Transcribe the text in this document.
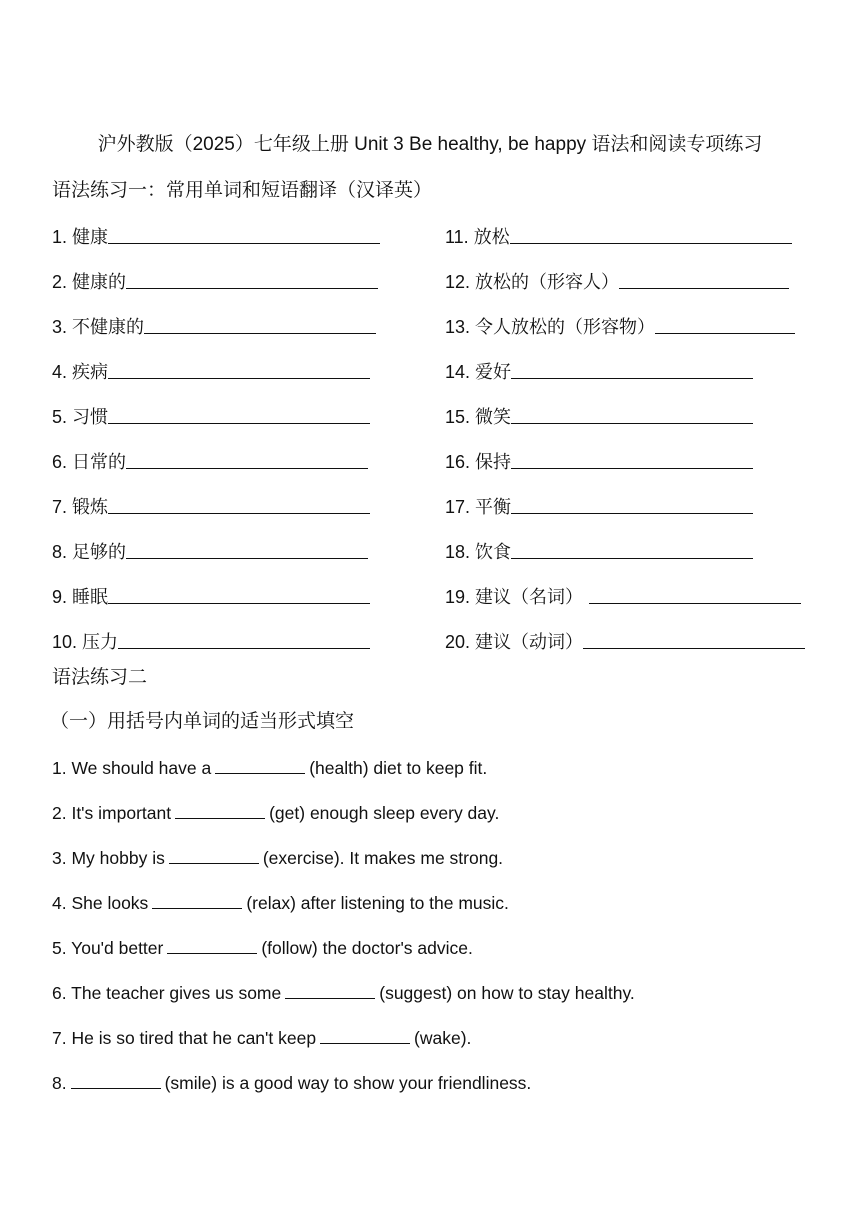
沪外教版（2025）七年级上册 Unit 3 Be healthy, be happy 语法和阅读专项练习
语法练习一：常用单词和短语翻译（汉译英）
1. 健康	11. 放松
2. 健康的	12. 放松的（形容人）
3. 不健康的	13. 令人放松的（形容物）
4. 疾病	14. 爱好
5. 习惯	15. 微笑
6. 日常的	16. 保持
7. 锻炼	17. 平衡
8. 足够的	18. 饮食
9. 睡眠	19. 建议（名词）
10. 压力	20. 建议（动词）
语法练习二
（一）用括号内单词的适当形式填空
1. We should have a	(health) diet to keep fit.
2. It's important	(get) enough sleep every day.
3. My hobby is	(exercise). It makes me strong.
4. She looks	(relax) after listening to the music.
5. You'd better	(follow) the doctor's advice.
6. The teacher gives us some	(suggest) on how to stay healthy.
7. He is so tired that he can't keep	(wake).
8.	(smile) is a good way to show your friendliness.
